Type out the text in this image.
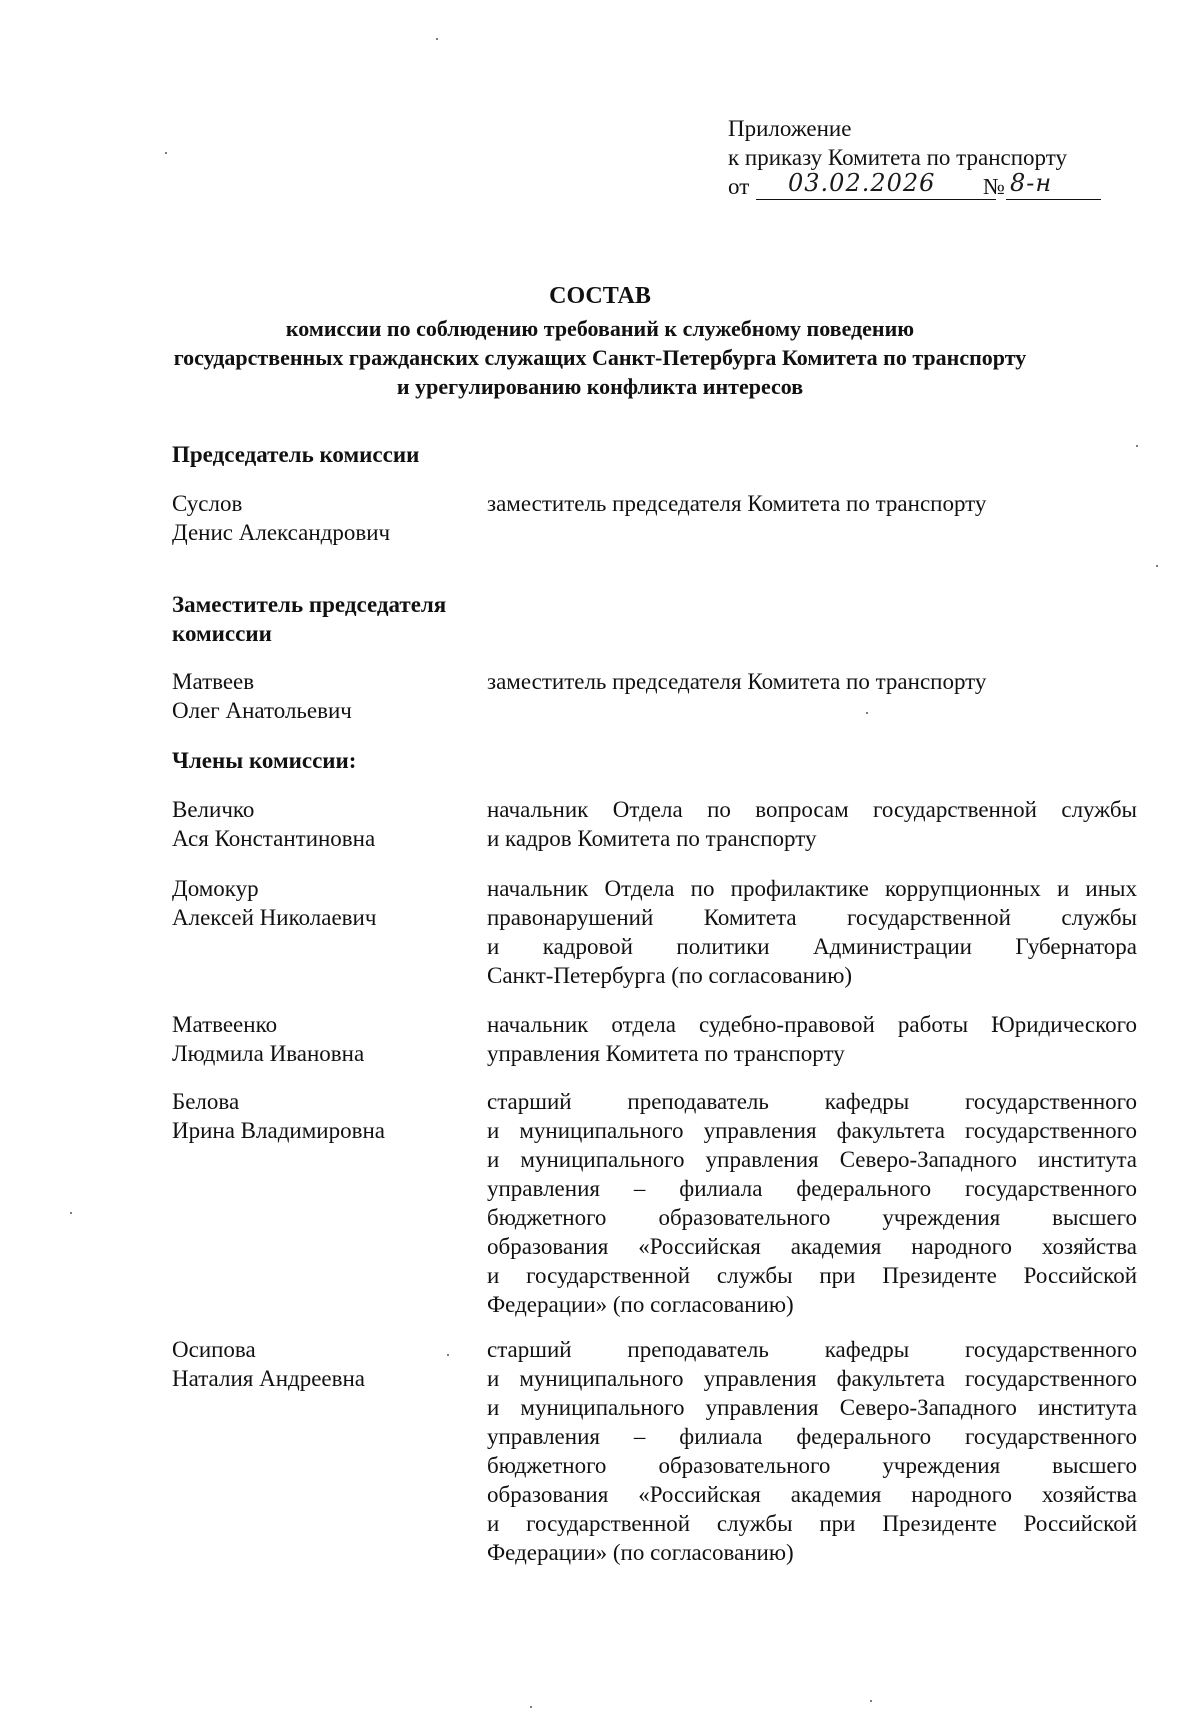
Приложение
к приказу Комитета по транспорту
от 03.02.2026 № 8-н
СОСТАВ
комиссии по соблюдению требований к служебному поведению
государственных гражданских служащих Санкт-Петербурга Комитета по транспорту
и урегулированию конфликта интересов
Председатель комиссии
Суслов
Денис Александрович
заместитель председателя Комитета по транспорту
Заместитель председателя
комиссии
Матвеев
Олег Анатольевич
заместитель председателя Комитета по транспорту
Члены комиссии:
Величко
Ася Константиновна
начальник Отдела по вопросам государственной службы
и кадров Комитета по транспорту
Домокур
Алексей Николаевич
начальник Отдела по профилактике коррупционных и иных
правонарушений Комитета государственной службы
и кадровой политики Администрации Губернатора
Санкт-Петербурга (по согласованию)
Матвеенко
Людмила Ивановна
начальник отдела судебно-правовой работы Юридического
управления Комитета по транспорту
Белова
Ирина Владимировна
старший преподаватель кафедры государственного
и муниципального управления факультета государственного
и муниципального управления Северо-Западного института
управления – филиала федерального государственного
бюджетного образовательного учреждения высшего
образования «Российская академия народного хозяйства
и государственной службы при Президенте Российской
Федерации» (по согласованию)
Осипова
Наталия Андреевна
старший преподаватель кафедры государственного
и муниципального управления факультета государственного
и муниципального управления Северо-Западного института
управления – филиала федерального государственного
бюджетного образовательного учреждения высшего
образования «Российская академия народного хозяйства
и государственной службы при Президенте Российской
Федерации» (по согласованию)
